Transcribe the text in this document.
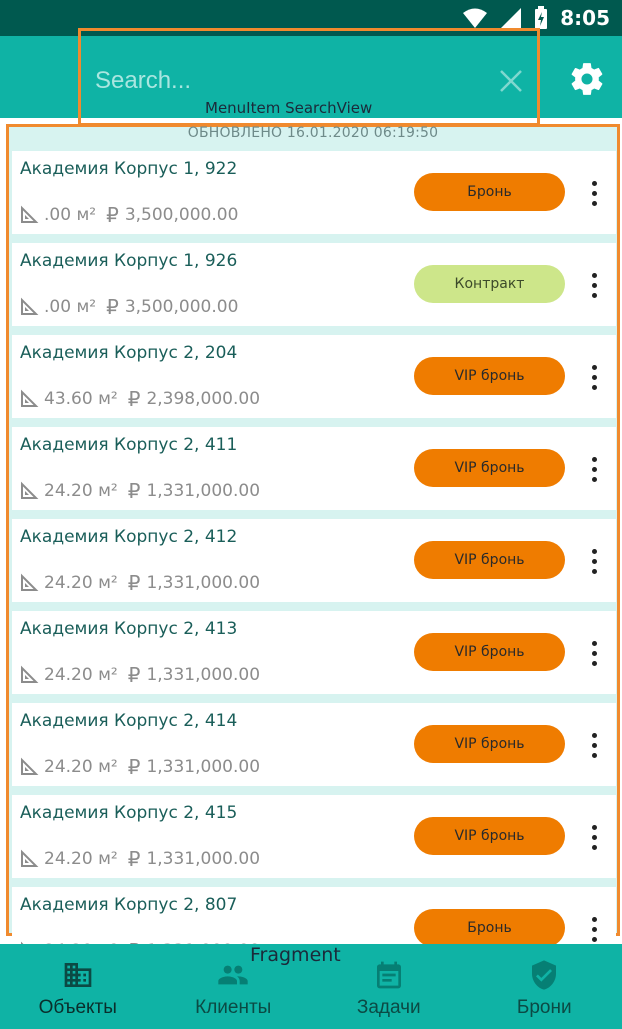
8:05
Search...
MenuItem SearchView
ОБНОВЛЕНО 16.01.2020 06:19:50
Академия Корпус 1, 922
.00 м² ₽ 3,500,000.00
Бронь
Академия Корпус 1, 926
.00 м² ₽ 3,500,000.00
Контракт
Академия Корпус 2, 204
43.60 м² ₽ 2,398,000.00
VIP бронь
Академия Корпус 2, 411
24.20 м² ₽ 1,331,000.00
VIP бронь
Академия Корпус 2, 412
24.20 м² ₽ 1,331,000.00
VIP бронь
Академия Корпус 2, 413
24.20 м² ₽ 1,331,000.00
VIP бронь
Академия Корпус 2, 414
24.20 м² ₽ 1,331,000.00
VIP бронь
Академия Корпус 2, 415
24.20 м² ₽ 1,331,000.00
VIP бронь
Академия Корпус 2, 807
Бронь
Объекты	Клиенты	Задачи	Брони
Fragment
